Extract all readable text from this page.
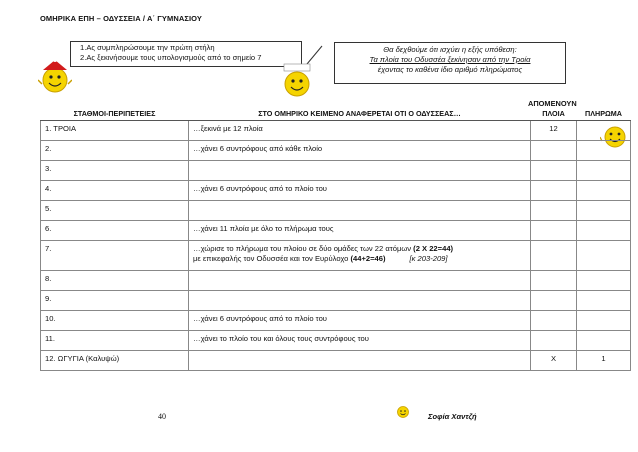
ΟΜΗΡΙΚΑ ΕΠΗ – ΟΔΥΣΣΕΙΑ / Α΄ ΓΥΜΝΑΣΙΟΥ
1.Ας συμπληρώσουμε την πρώτη στήλη
2.Ας ξεκινήσουμε τους υπολογισμούς από το σημείο 7
Θα δεχθούμε ότι ισχύει η εξής υπόθεση:
Τα πλοία του Οδυσσέα ξεκίνησαν από την Τροία
έχοντας το καθένα ίδιο αριθμό πληρώματος
ΑΠΟΜΕΝΟΥΝ
ΣΤΑΘΜΟΙ-ΠΕΡΙΠΕΤΕΙΕΣ	ΣΤΟ ΟΜΗΡΙΚΟ ΚΕΙΜΕΝΟ ΑΝΑΦΕΡΕΤΑΙ ΟΤΙ Ο ΟΔΥΣΣΕΑΣ…	ΠΛΟΙΑ	ΠΛΗΡΩΜΑ
1. ΤΡΟΙΑ	…ξεκινά με 12 πλοία	12	
2.	…χάνει 6 συντρόφους από κάθε πλοίο		
3.			
4.	…χάνει 6 συντρόφους από το πλοίο του		
5.			
6.	…χάνει 11 πλοία με όλο το πλήρωμα τους		
7.	…χώρισε το πλήρωμα του πλοίου σε δύο ομάδες των 22 ατόμων (2 Χ 22=44)
με επικεφαλής τον Οδυσσέα και τον Ευρύλοχο (44+2=46) [κ 203-209]		

8.			
9.			
10.	…χάνει 6 συντρόφους από το πλοίο του		
11.	…χάνει το πλοίο του και όλους τους συντρόφους του		
12. ΩΓΥΓΙΑ (Καλυψώ)		Χ	1
40	Σοφία Χαντζή
